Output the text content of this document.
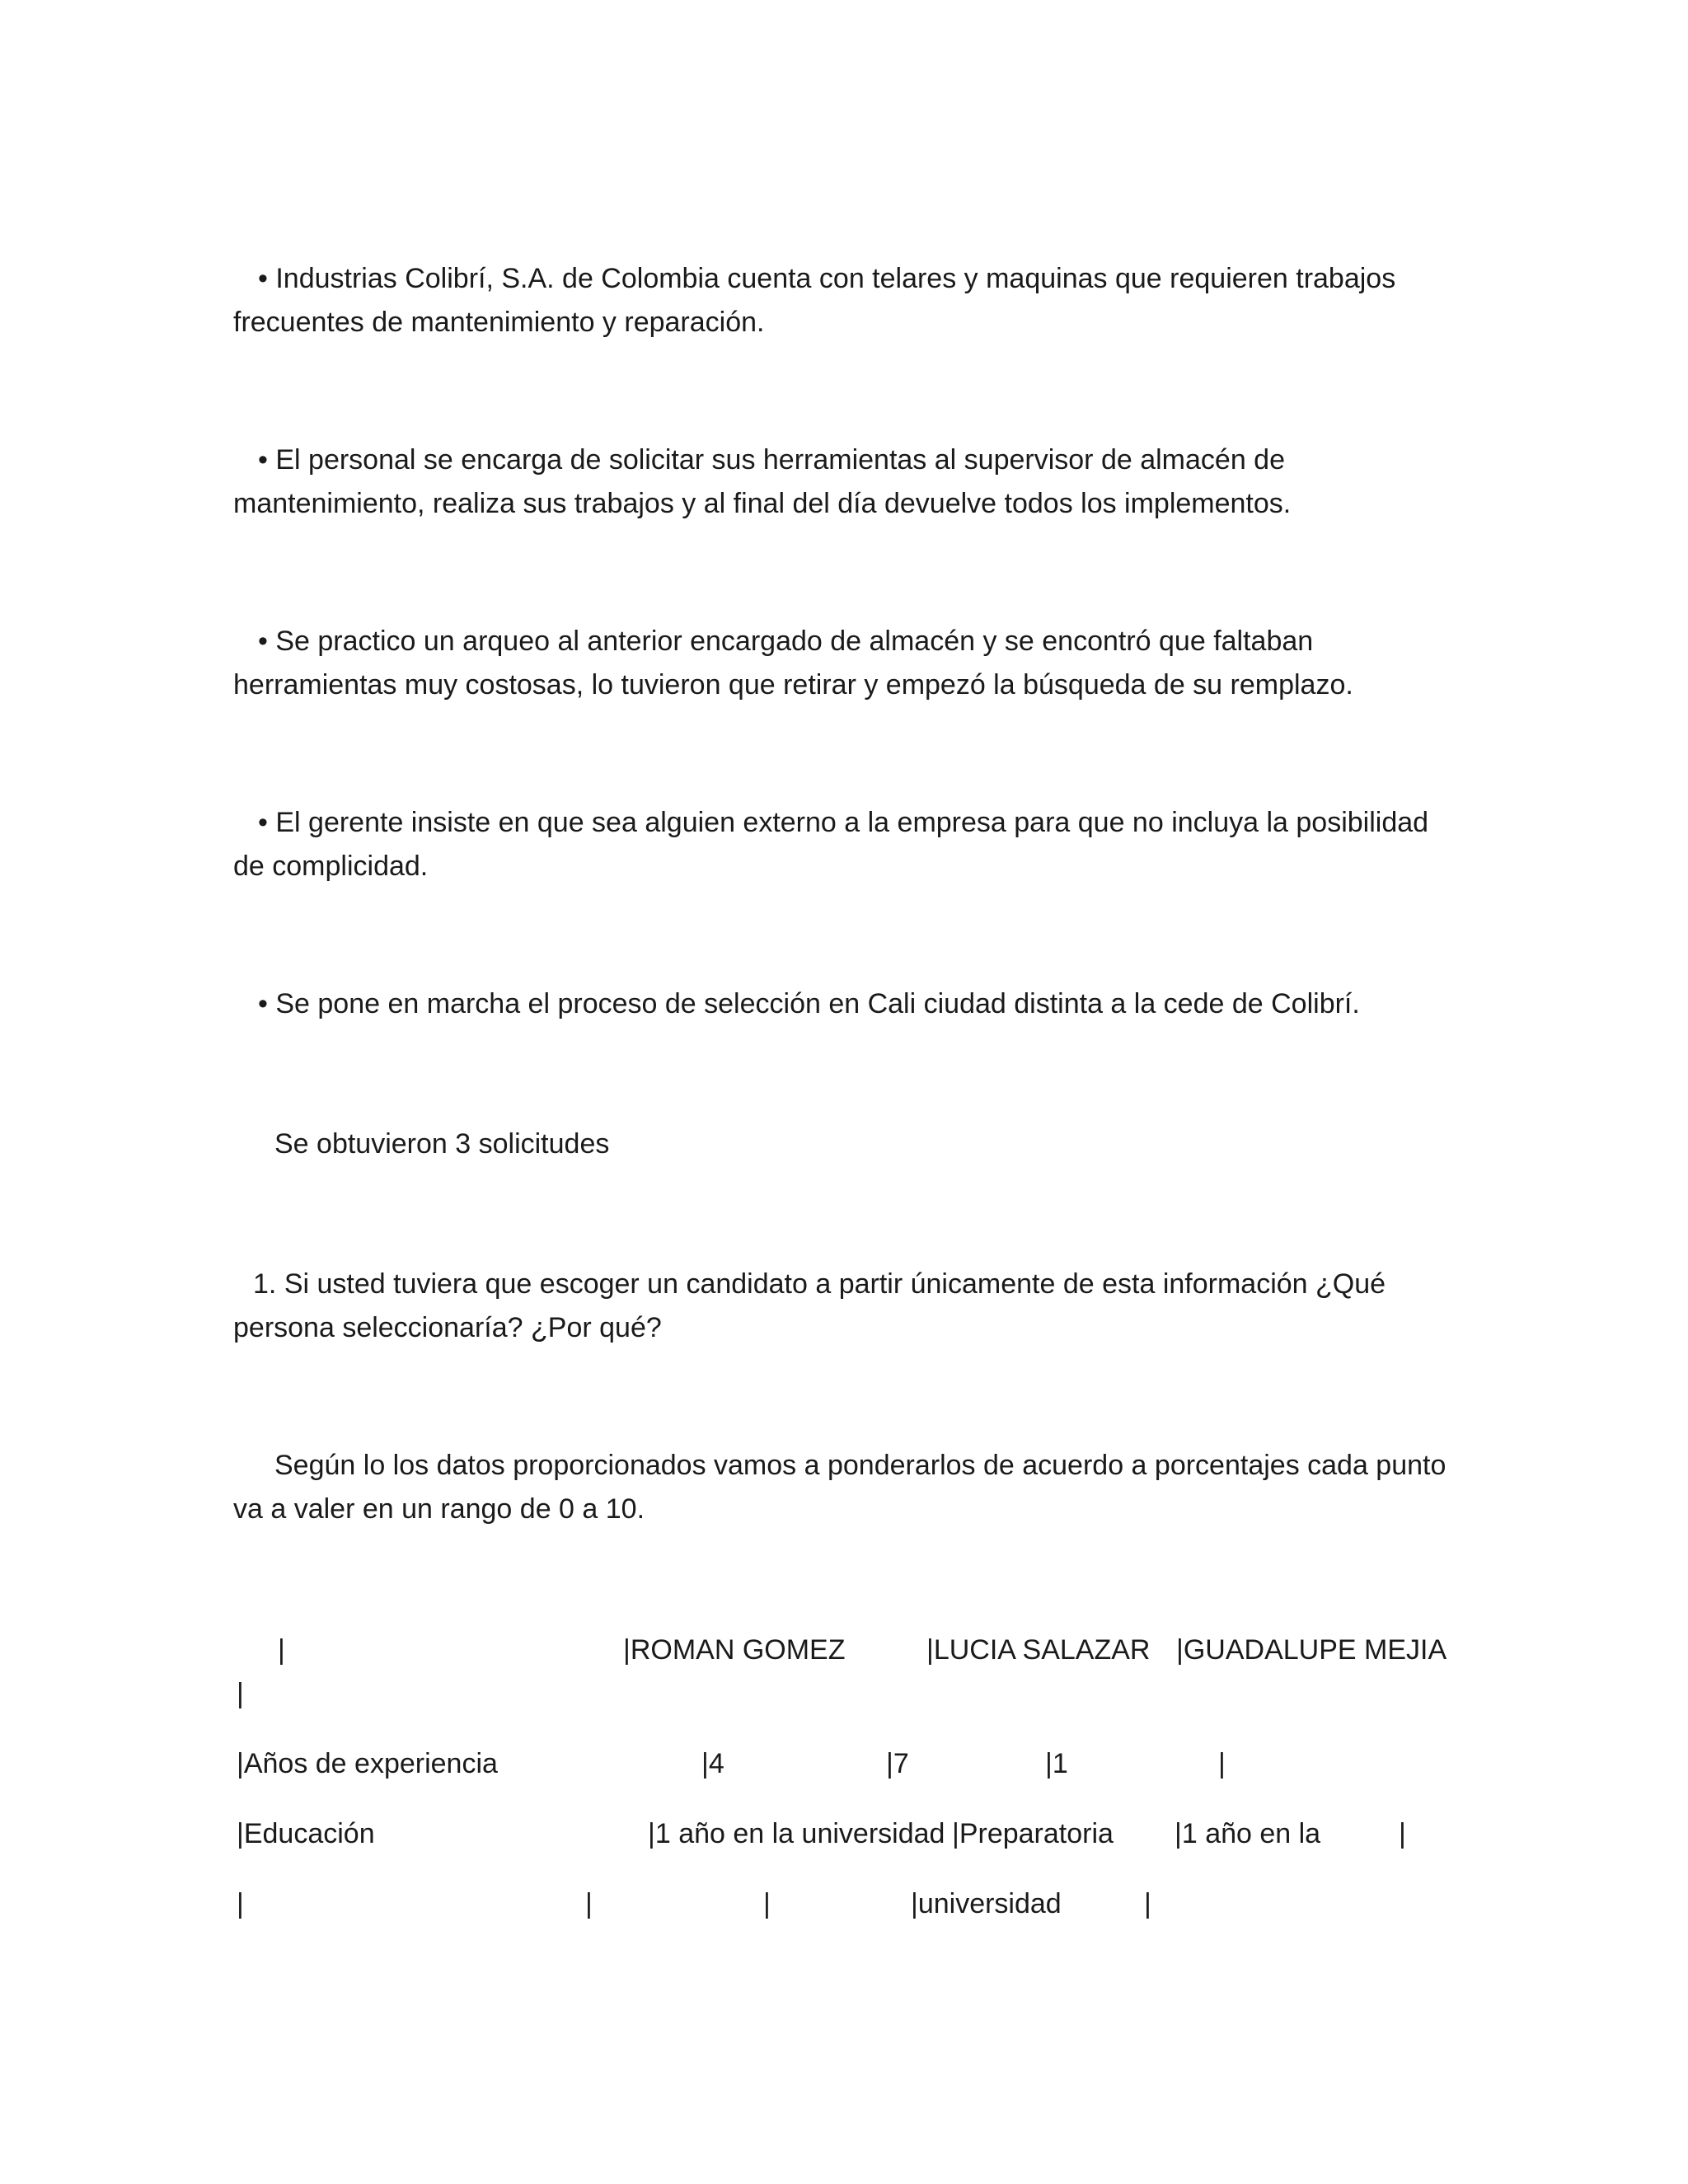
• Industrias Colibrí, S.A. de Colombia cuenta con telares y maquinas que requieren trabajos frecuentes de mantenimiento y reparación.

• El personal se encarga de solicitar sus herramientas al supervisor de almacén de mantenimiento, realiza sus trabajos y al final del día devuelve todos los implementos.

• Se practico un arqueo al anterior encargado de almacén y se encontró que faltaban herramientas muy costosas, lo tuvieron que retirar y empezó la búsqueda de su remplazo.

• El gerente insiste en que sea alguien externo a la empresa para que no incluya la posibilidad de complicidad.

• Se pone en marcha el proceso de selección en Cali ciudad distinta a la cede de Colibrí.

Se obtuvieron 3 solicitudes

1. Si usted tuviera que escoger un candidato a partir únicamente de esta información ¿Qué persona seleccionaría? ¿Por qué?

Según lo los datos proporcionados vamos a ponderarlos de acuerdo a porcentajes cada punto va a valer en un rango de 0 a 10.

|	|ROMAN GOMEZ	|LUCIA SALAZAR |GUADALUPE MEJIA
|
|Años de experiencia	|4	|7	|1	|
|Educación	|1 año en la universidad |Preparatoria |1 año en la	|
|	|	|	|universidad	|
